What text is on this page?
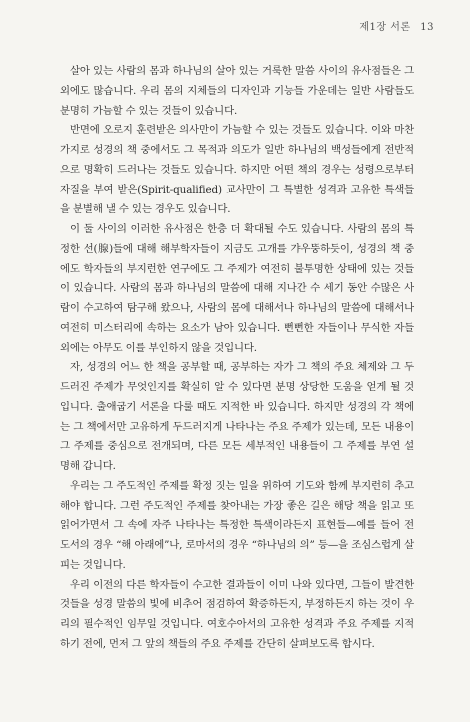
제1장 서론 13

살아 있는 사람의 몸과 하나님의 살아 있는 거룩한 말씀 사이의 유사점들은 그 외에도 많습니다. 우리 몸의 지체들의 디자인과 기능들 가운데는 일반 사람들도 분명히 가늠할 수 있는 것들이 있습니다.

반면에 오로지 훈련받은 의사만이 가늠할 수 있는 것들도 있습니다. 이와 마찬가지로 성경의 책 중에서도 그 목적과 의도가 일반 하나님의 백성들에게 전반적으로 명확히 드러나는 것들도 있습니다. 하지만 어떤 책의 경우는 성령으로부터 자질을 부여 받은(Spirit-qualified) 교사만이 그 특별한 성격과 고유한 특색들을 분별해 낼 수 있는 경우도 있습니다.

이 둘 사이의 이러한 유사점은 한층 더 확대될 수도 있습니다. 사람의 몸의 특정한 선(腺)들에 대해 해부학자들이 지금도 고개를 갸우뚱하듯이, 성경의 책 중에도 학자들의 부지런한 연구에도 그 주제가 여전히 불투명한 상태에 있는 것들이 있습니다. 사람의 몸과 하나님의 말씀에 대해 지나간 수 세기 동안 수많은 사람이 수고하여 탐구해 왔으나, 사람의 몸에 대해서나 하나님의 말씀에 대해서나 여전히 미스터리에 속하는 요소가 남아 있습니다. 뻔뻔한 자들이나 무식한 자들 외에는 아무도 이를 부인하지 않을 것입니다.

자, 성경의 어느 한 책을 공부할 때, 공부하는 자가 그 책의 주요 체제와 그 두드러진 주제가 무엇인지를 확실히 알 수 있다면 분명 상당한 도움을 얻게 될 것입니다. 출애굽기 서론을 다룰 때도 지적한 바 있습니다. 하지만 성경의 각 책에는 그 책에서만 고유하게 두드러지게 나타나는 주요 주제가 있는데, 모든 내용이 그 주제를 중심으로 전개되며, 다른 모든 세부적인 내용들이 그 주제를 부연 설명해 갑니다.

우리는 그 주도적인 주제를 확정 짓는 일을 위하여 기도와 함께 부지런히 추고해야 합니다. 그런 주도적인 주제를 찾아내는 가장 좋은 길은 해당 책을 읽고 또 읽어가면서 그 속에 자주 나타나는 특정한 특색이라든지 표현들—예를 들어 전도서의 경우 “해 아래에”나, 로마서의 경우 “하나님의 의” 등—을 조심스럽게 살피는 것입니다.

우리 이전의 다른 학자들이 수고한 결과들이 이미 나와 있다면, 그들이 발견한 것들을 성경 말씀의 빛에 비추어 점검하여 확증하든지, 부정하든지 하는 것이 우리의 필수적인 임무일 것입니다. 여호수아서의 고유한 성격과 주요 주제를 지적하기 전에, 먼저 그 앞의 책들의 주요 주제를 간단히 살펴보도록 합시다.
